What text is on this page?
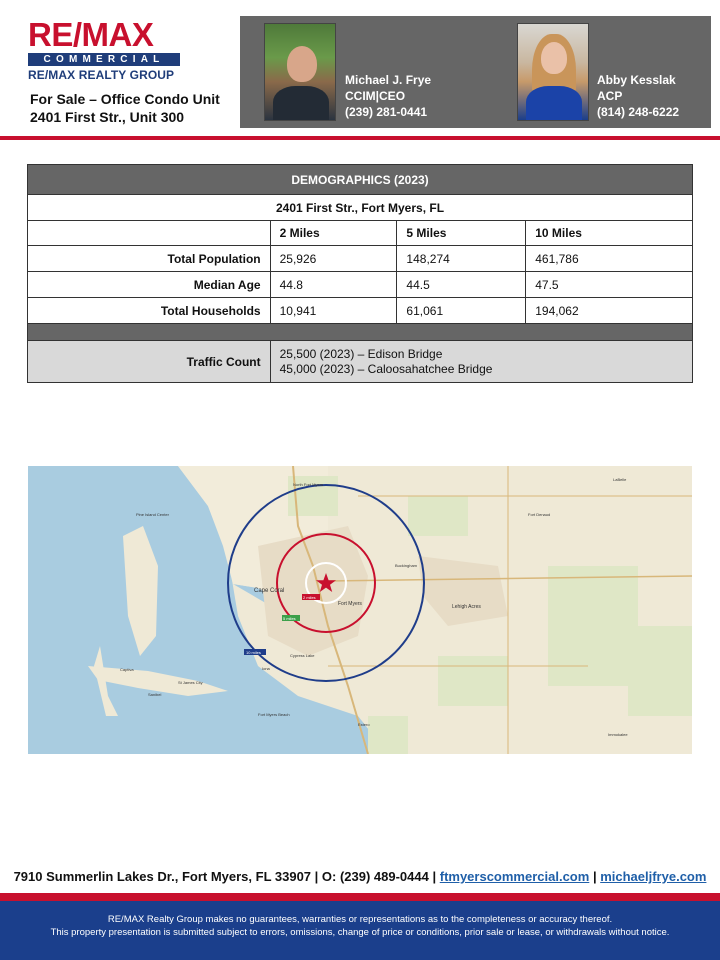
RE/MAX
COMMERCIAL
RE/MAX REALTY GROUP
For Sale – Office Condo Unit
2401 First Str., Unit 300
Michael J. Frye
CCIM|CEO
(239) 281-0441
Abby Kesslak
ACP
(814) 248-6222
DEMOGRAPHICS (2023)			
2401 First Str., Fort Myers, FL			
	2 Miles	5 Miles	10 Miles
Total Population	25,926	148,274	461,786
Median Age	44.8	44.5	47.5
Total Households	10,941	61,061	194,062

Traffic Count	25,500 (2023) – Edison Bridge
45,000 (2023) – Caloosahatchee Bridge		
Cape Coral
Fort Myers	Lehigh Acres
Buckingham
Cypress Lake
Fort Myers Beach
St James City
Captiva
Sanibel
Iona
Estero
Fort Denaud
Pine Island Center
North Fort Myers
Immokalee
LaBelle
2 miles
5 miles
10 miles
7910 Summerlin Lakes Dr., Fort Myers, FL 33907 | O: (239) 489-0444 | ftmyerscommercial.com | michaeljfrye.com
RE/MAX Realty Group makes no guarantees, warranties or representations as to the completeness or accuracy thereof.
This property presentation is submitted subject to errors, omissions, change of price or conditions, prior sale or lease, or withdrawals without notice.
